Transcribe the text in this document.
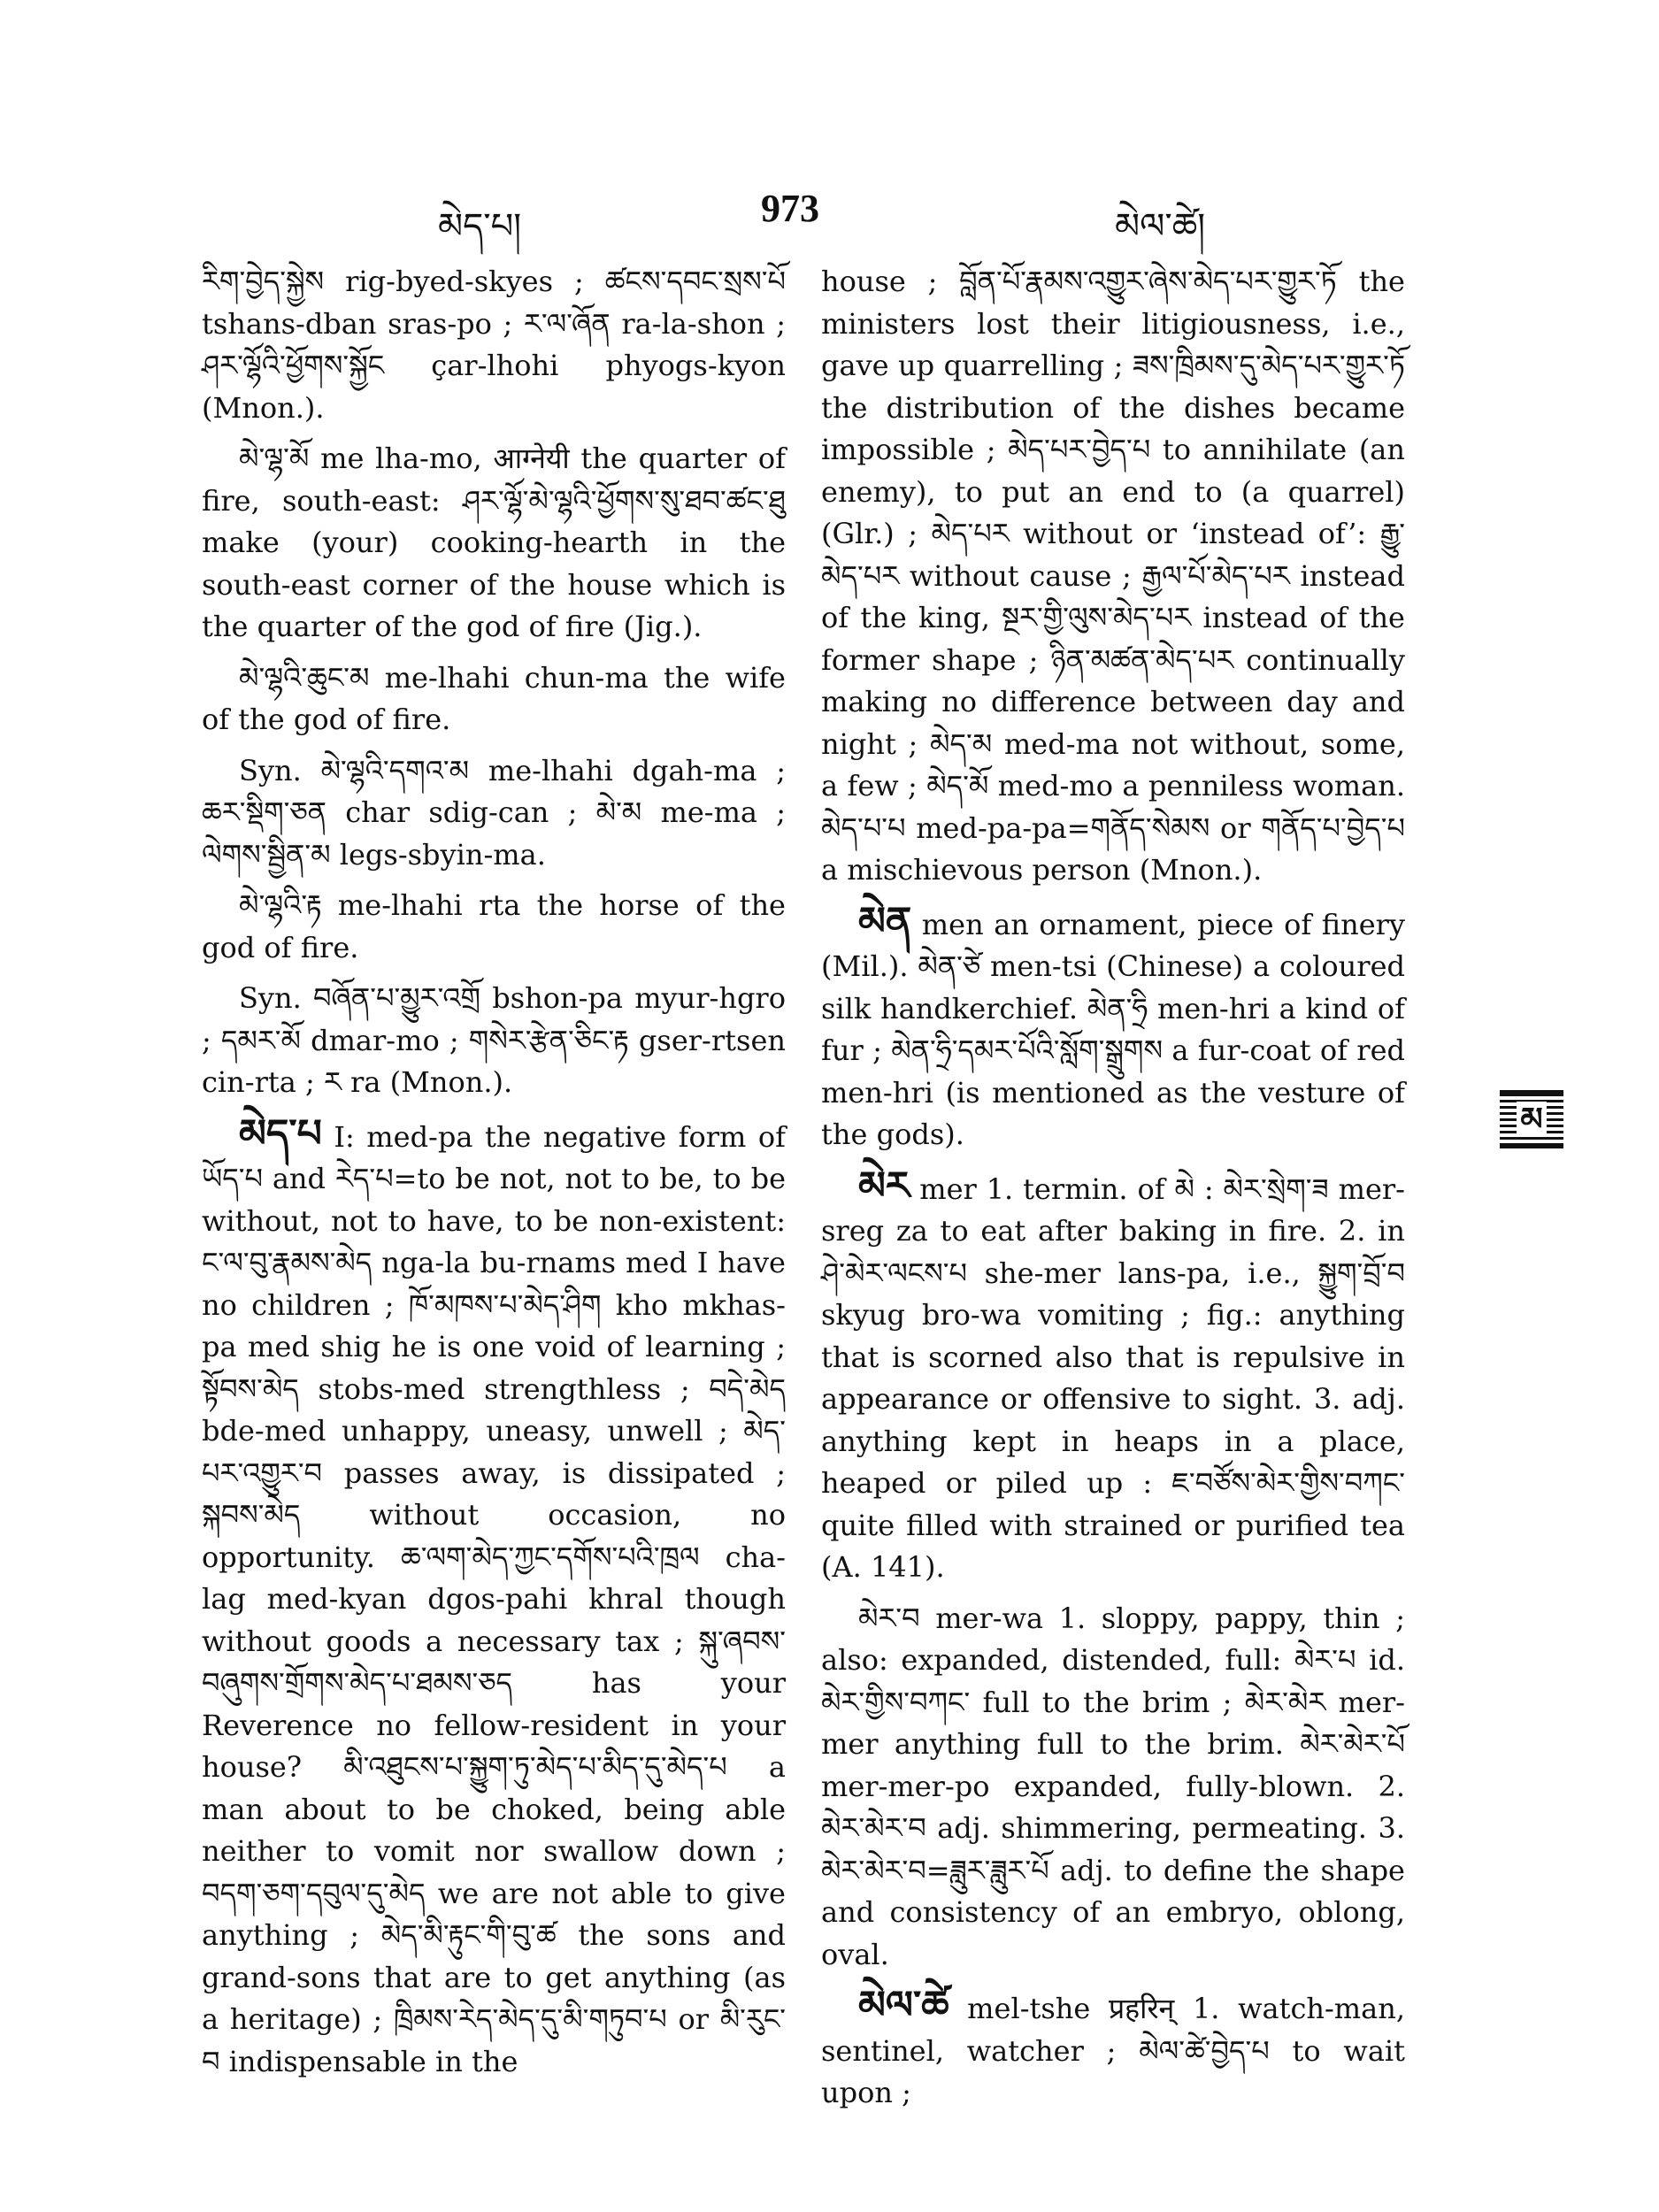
མེད་པ།	973	མེལ་ཚེ།

རིག་བྱེད་སྐྱེས rig-byed-skyes ; ཚངས་དབང་སྲས་པོ tshans-dban sras-po ; ར་ལ་ཞོན ra-la-shon ; ཤར་ལྷོའི་ཕྱོགས་སྐྱོང çar-lhohi phyogs-kyon (Mnon.).

མེ་ལྷ་མོ me lha-mo, आग्नेयी the quarter of fire, south-east: ཤར་ལྷོ་མེ་ལྷའི་ཕྱོགས་སུ་ཐབ་ཚང་ཐུ make (your) cooking-hearth in the south-east corner of the house which is the quarter of the god of fire (Jig.).

མེ་ལྷའི་ཆུང་མ me-lhahi chun-ma the wife of the god of fire.

Syn. མེ་ལྷའི་དགའ་མ me-lhahi dgah-ma ; ཆར་སྡིག་ཅན char sdig-can ; མེ་མ me-ma ; ལེགས་སྦྱིན་མ legs-sbyin-ma.

མེ་ལྷའི་རྟ me-lhahi rta the horse of the god of fire.

Syn. བཞོན་པ་མྱུར་འགྲོ bshon-pa myur-hgro ; དམར་མོ dmar-mo ; གསེར་རྩེན་ཅིང་རྟ gser-rtsen cin-rta ; ར ra (Mnon.).

མེད་པ I: med-pa the negative form of ཡོད་པ and རེད་པ=to be not, not to be, to be without, not to have, to be non-existent: ང་ལ་བུ་རྣམས་མེད nga-la bu-rnams med I have no children ; ཁོ་མཁས་པ་མེད་ཤིག kho mkhas-pa med shig he is one void of learning ; སྟོབས་མེད stobs-med strengthless ; བདེ་མེད bde-med unhappy, uneasy, unwell ; མེད་པར་འགྱུར་བ passes away, is dissipated ; སྐབས་མེད without occasion, no opportunity. ཆ་ལག་མེད་ཀྱང་དགོས་པའི་ཁྲལ cha-lag med-kyan dgos-pahi khral though without goods a necessary tax ; སྐུ་ཞབས་བཞུགས་གྲོགས་མེད་པ་ཐམས་ཅད has your Reverence no fellow-resident in your house? མི་འཐུངས་པ་སྐྱུག་ཏུ་མེད་པ་མིད་དུ་མེད་པ a man about to be choked, being able neither to vomit nor swallow down ; བདག་ཅག་དབུལ་དུ་མེད we are not able to give anything ; མེད་མི་རྟུང་གི་བུ་ཚ the sons and grand-sons that are to get anything (as a heritage) ; ཁྲིམས་རེད་མེད་དུ་མི་གཏུབ་པ or མི་རུང་བ indispensable in the

house ; བློན་པོ་རྣམས་འགྱུར་ཞེས་མེད་པར་གྱུར་ཏོ the ministers lost their litigiousness, i.e., gave up quarrelling ; ཟས་ཁྲིམས་དུ་མེད་པར་གྱུར་ཏོ the distribution of the dishes became impossible ; མེད་པར་བྱེད་པ to annihilate (an enemy), to put an end to (a quarrel) (Glr.) ; མེད་པར without or ‘instead of’: རྒྱུ་མེད་པར without cause ; རྒྱལ་པོ་མེད་པར instead of the king, སྔར་གྱི་ལུས་མེད་པར instead of the former shape ; ཉིན་མཚན་མེད་པར continually making no difference between day and night ; མེད་མ med-ma not without, some, a few ; མེད་མོ med-mo a penniless woman. མེད་པ་པ med-pa-pa=གནོད་སེམས or གནོད་པ་བྱེད་པ a mischievous person (Mnon.).

མེན men an ornament, piece of finery (Mil.). མེན་ཙེ men-tsi (Chinese) a coloured silk handkerchief. མེན་ཧྲི men-hri a kind of fur ; མེན་ཧྲི་དམར་པོའི་སློག་སྒྲུགས a fur-coat of red men-hri (is mentioned as the vesture of the gods).

མེར mer 1. termin. of མེ : མེར་སྲེག་ཟ mer-sreg za to eat after baking in fire. 2. in ཤེ་མེར་ལངས་པ she-mer lans-pa, i.e., སྐྱུག་བྲོ་བ skyug bro-wa vomiting ; fig.: anything that is scorned also that is repulsive in appearance or offensive to sight. 3. adj. anything kept in heaps in a place, heaped or piled up : ཇ་བཙོས་མེར་གྱིས་བཀང་ quite filled with strained or purified tea (A. 141).

མེར་བ mer-wa 1. sloppy, pappy, thin ; also: expanded, distended, full: མེར་པ id. མེར་གྱིས་བཀང་ full to the brim ; མེར་མེར mer-mer anything full to the brim. མེར་མེར་པོ mer-mer-po expanded, fully-blown. 2. མེར་མེར་བ adj. shimmering, permeating. 3. མེར་མེར་བ=ཟླུར་ཟླུར་པོ adj. to define the shape and consistency of an embryo, oblong, oval.

མེལ་ཚེ mel-tshe प्रहरिन् 1. watch-man, sentinel, watcher ; མེལ་ཚེ་བྱེད་པ to wait upon ;

མ
